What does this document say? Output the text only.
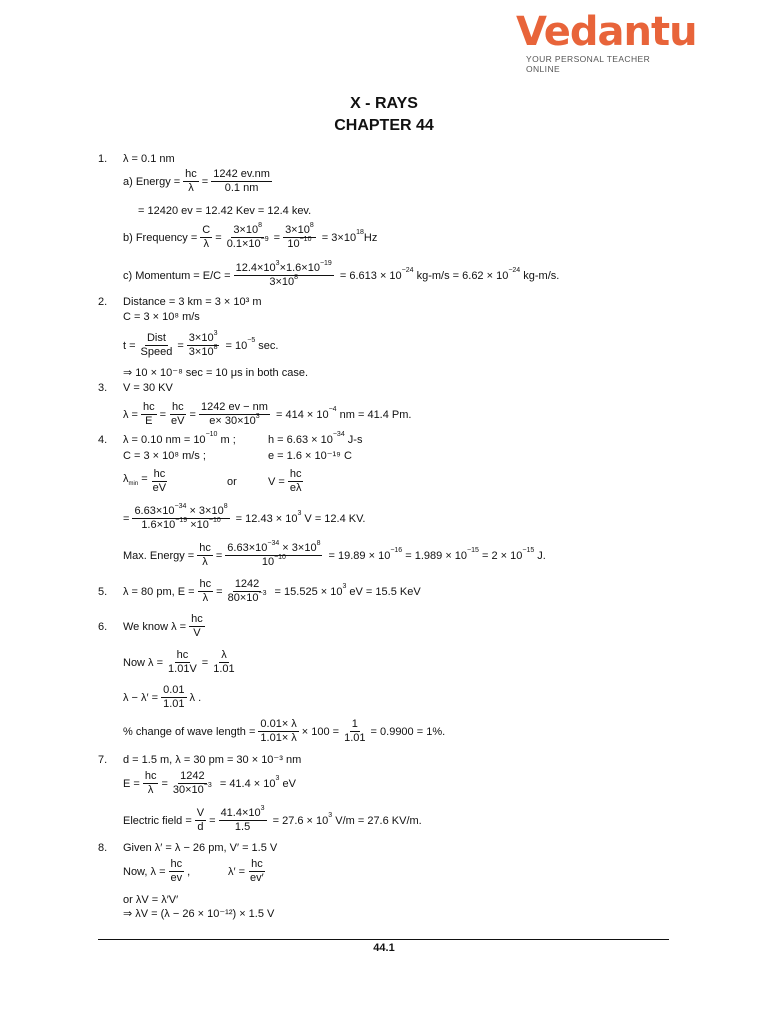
Vedantu
YOUR PERSONAL TEACHER ONLINE
X - RAYS
CHAPTER 44
1.	λ = 0.1 nm
a) Energy = $\frac{hc}{\lambda} = \frac{1242 ev.nm}{0.1 nm}$
= 12420 ev = 12.42 Kev = 12.4 kev.
b) Frequency = $\frac{C}{\lambda} = \frac{3\times 10^8}{0.1\times 10^{-9}} = \frac{3\times 10^8}{10^{-10}} = 3\times 10^{18}Hz$
c) Momentum = $E/C = \frac{12.4\times 10^3\times 1.6\times 10^{-19}}{3\times 10^8} = 6.613 \times 10^{-24}$ $kg-m/s = 6.62 \times 10^{-24}$ kg-m/s.
2.	Distance = 3 km = 3 × 10³ m
C = 3 × 10⁸ m/s
$t = \frac{\text{Dist}}{\text{Speed}} = \frac{3\times 10^3}{3\times 10^8} = 10^{-5}$ sec.
⇒ 10 × 10⁻⁸ sec = 10 μs in both case.
3.	V = 30 KV
$\lambda = \frac{hc}{E} = \frac{hc}{eV} = \frac{1242 ev - nm}{e\times 30\times 10^3} = 414 \times 10^{-4}$ nm = 41.4 Pm.
4.	λ = 0.10 nm = $10^{-10}$ m ;	$h = 6.63 \times 10^{-34}$ J-s
C = 3 × 10⁸ m/s ;	e = 1.6 × 10⁻¹⁹ C
$\lambda_{min} = \frac{hc}{eV}$	or	$V = \frac{hc}{e\lambda}$
= $\frac{6.63\times 10^{-34} \times 3\times 10^8}{1.6\times 10^{-19} \times 10^{-10}} = 12.43 \times 10^3$ V = 12.4 KV.
Max. Energy = $\frac{hc}{\lambda} = \frac{6.63\times 10^{-34} \times 3\times 10^8}{10^{-10}} = 19.89 \times 10^{-16} = 1.989 \times 10^{-15} = 2 \times 10^{-15}$ J.
5.	λ = 80 pm, $E = \frac{hc}{\lambda} = \frac{1242}{80\times 10^{-3}} = 15.525 \times 10^3$ eV = 15.5 KeV
6.	We know $\lambda = \frac{hc}{V}$
Now $\lambda = \frac{hc}{1.01V} = \frac{\lambda}{1.01}$
$\lambda - \lambda' = \frac{0.01}{1.01}$ λ .
% change of wave length = $\frac{0.01\times \lambda}{1.01\times \lambda} \times 100 = \frac{1}{1.01} = 0.9900 = 1\%$.
7.	d = 1.5 m, λ = 30 pm = 30 × 10⁻³ nm
$E = \frac{hc}{\lambda} = \frac{1242}{30\times 10^{-3}} = 41.4 \times 10^3$ eV
Electric field = $\frac{V}{d} = \frac{41.4\times 10^3}{1.5} = 27.6 \times 10^3$ V/m = 27.6 KV/m.
8.	Given λ′ = λ − 26 pm, V′ = 1.5 V
Now, $\lambda = \frac{hc}{ev}$ ,	$\lambda' = \frac{hc}{ev'}$
or λV = λ′V′
⇒ λV = (λ − 26 × 10⁻¹²) × 1.5 V
44.1
